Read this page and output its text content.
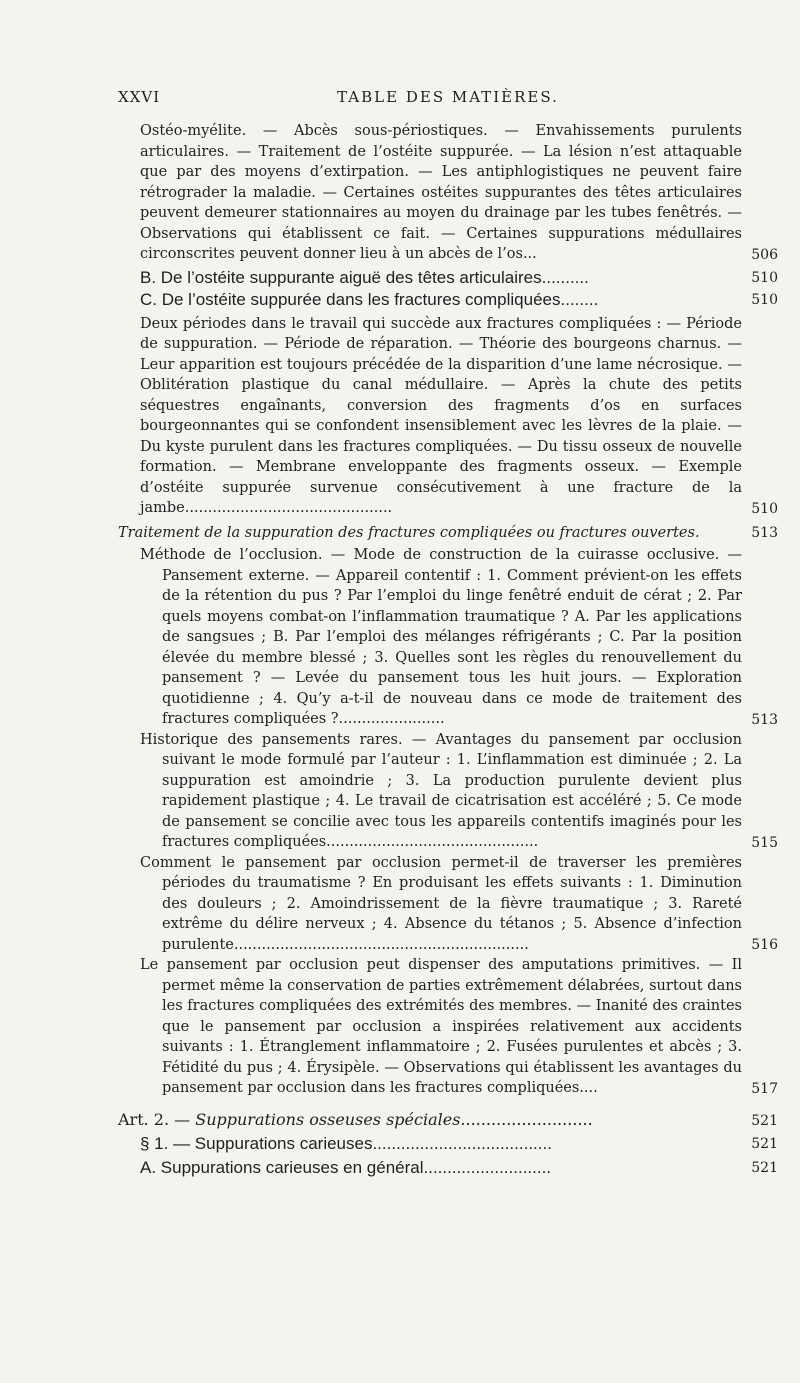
XXVI	TABLE DES MATIÈRES.
Ostéo-myélite. — Abcès sous-périostiques. — Envahissements purulents articulaires. — Traitement de l’ostéite suppurée. — La lésion n’est attaquable que par des moyens d’extirpation. — Les antiphlogistiques ne peuvent faire rétrograder la maladie. — Certaines ostéites suppurantes des têtes articulaires peuvent demeurer stationnaires au moyen du drainage par les tubes fenêtrés. — Observations qui établissent ce fait. — Certaines suppurations médullaires circonscrites peuvent donner lieu à un abcès de l’os...	506
B. De l’ostéite suppurante aiguë des têtes articulaires..........	510
C. De l’ostéite suppurée dans les fractures compliquées........	510
Deux périodes dans le travail qui succède aux fractures compliquées : — Période de suppuration. — Période de réparation. — Théorie des bourgeons charnus. — Leur apparition est toujours précédée de la disparition d’une lame nécrosique. — Oblitération plastique du canal médullaire. — Après la chute des petits séquestres engaînants, conversion des fragments d’os en surfaces bourgeonnantes qui se confondent insensiblement avec les lèvres de la plaie. — Du kyste purulent dans les fractures compliquées. — Du tissu osseux de nouvelle formation. — Membrane enveloppante des fragments osseux. — Exemple d’ostéite suppurée survenue consécutivement à une fracture de la jambe.............................................	510
Traitement de la suppuration des fractures compliquées ou fractures ouvertes.	513
Méthode de l’occlusion. — Mode de construction de la cuirasse occlusive. — Pansement externe. — Appareil contentif : 1. Comment prévient-on les effets de la rétention du pus ? Par l’emploi du linge fenêtré enduit de cérat ; 2. Par quels moyens combat-on l’inflammation traumatique ? A. Par les applications de sangsues ; B. Par l’emploi des mélanges réfrigérants ; C. Par la position élevée du membre blessé ; 3. Quelles sont les règles du renouvellement du pansement ? — Levée du pansement tous les huit jours. — Exploration quotidienne ; 4. Qu’y a-t-il de nouveau dans ce mode de traitement des fractures compliquées ?.......................	513
Historique des pansements rares. — Avantages du pansement par occlusion suivant le mode formulé par l’auteur : 1. L’inflammation est diminuée ; 2. La suppuration est amoindrie ; 3. La production purulente devient plus rapidement plastique ; 4. Le travail de cicatrisation est accéléré ; 5. Ce mode de pansement se concilie avec tous les appareils contentifs imaginés pour les fractures compliquées..............................................	515
Comment le pansement par occlusion permet-il de traverser les premières périodes du traumatisme ? En produisant les effets suivants : 1. Diminution des douleurs ; 2. Amoindrissement de la fièvre traumatique ; 3. Rareté extrême du délire nerveux ; 4. Absence du tétanos ; 5. Absence d’infection purulente................................................................	516
Le pansement par occlusion peut dispenser des amputations primitives. — Il permet même la conservation de parties extrêmement délabrées, surtout dans les fractures compliquées des extrémités des membres. — Inanité des craintes que le pansement par occlusion a inspirées relativement aux accidents suivants : 1. Étranglement inflammatoire ; 2. Fusées purulentes et abcès ; 3. Fétidité du pus ; 4. Érysipèle. — Observations qui établissent les avantages du pansement par occlusion dans les fractures compliquées....	517
Art. 2. — Suppurations osseuses spéciales..........................	521
§ 1. — Suppurations carieuses......................................	521
A. Suppurations carieuses en général...........................	521
